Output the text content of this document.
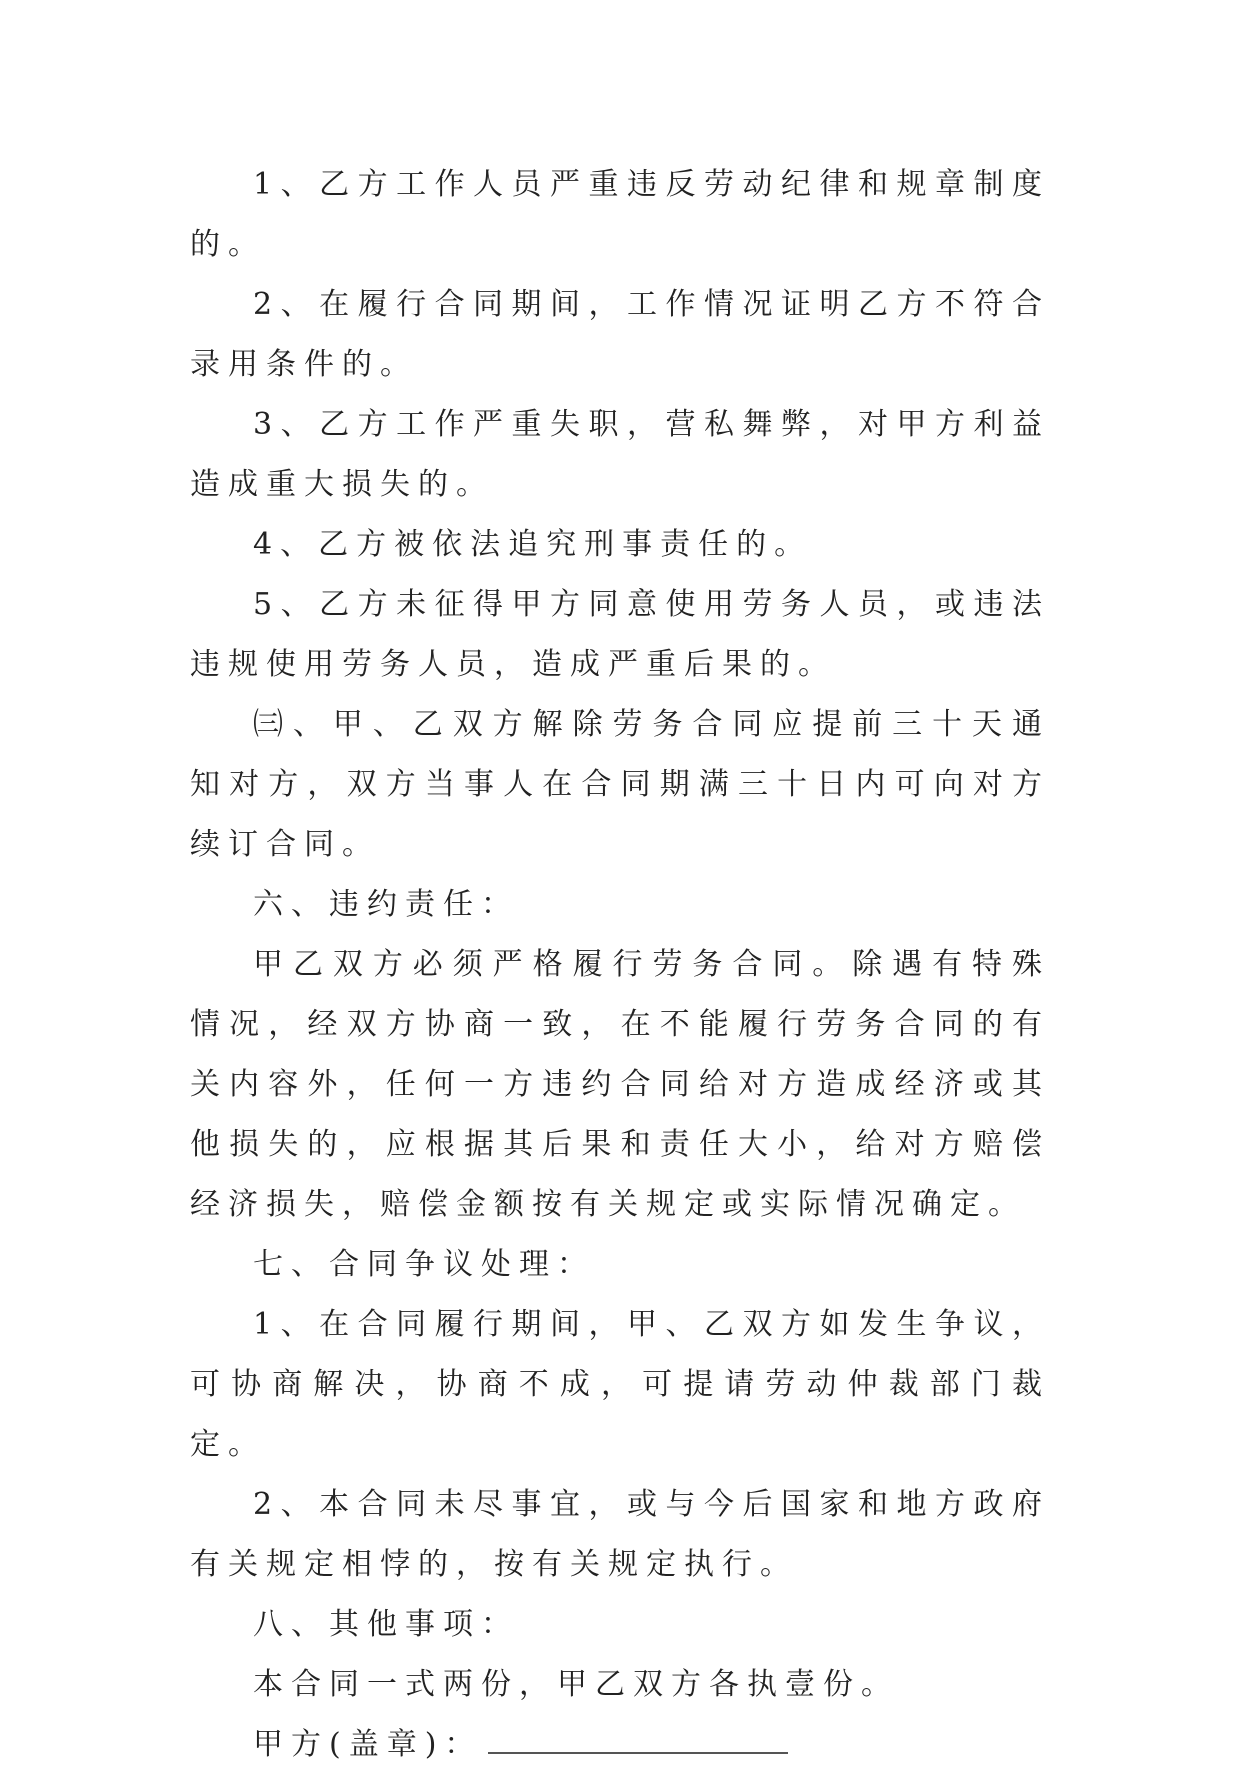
1、乙方工作人员严重违反劳动纪律和规章制度的。

2、在履行合同期间，工作情况证明乙方不符合录用条件的。

3、乙方工作严重失职，营私舞弊，对甲方利益造成重大损失的。

4、乙方被依法追究刑事责任的。

5、乙方未征得甲方同意使用劳务人员，或违法违规使用劳务人员，造成严重后果的。

㈢、甲、乙双方解除劳务合同应提前三十天通知对方，双方当事人在合同期满三十日内可向对方续订合同。

六、违约责任：

甲乙双方必须严格履行劳务合同。除遇有特殊情况，经双方协商一致，在不能履行劳务合同的有关内容外，任何一方违约合同给对方造成经济或其他损失的，应根据其后果和责任大小，给对方赔偿经济损失，赔偿金额按有关规定或实际情况确定。

七、合同争议处理：

1、在合同履行期间，甲、乙双方如发生争议，可协商解决，协商不成，可提请劳动仲裁部门裁定。

2、本合同未尽事宜，或与今后国家和地方政府有关规定相悖的，按有关规定执行。

八、其他事项：

本合同一式两份，甲乙双方各执壹份。

甲方(盖章)：
